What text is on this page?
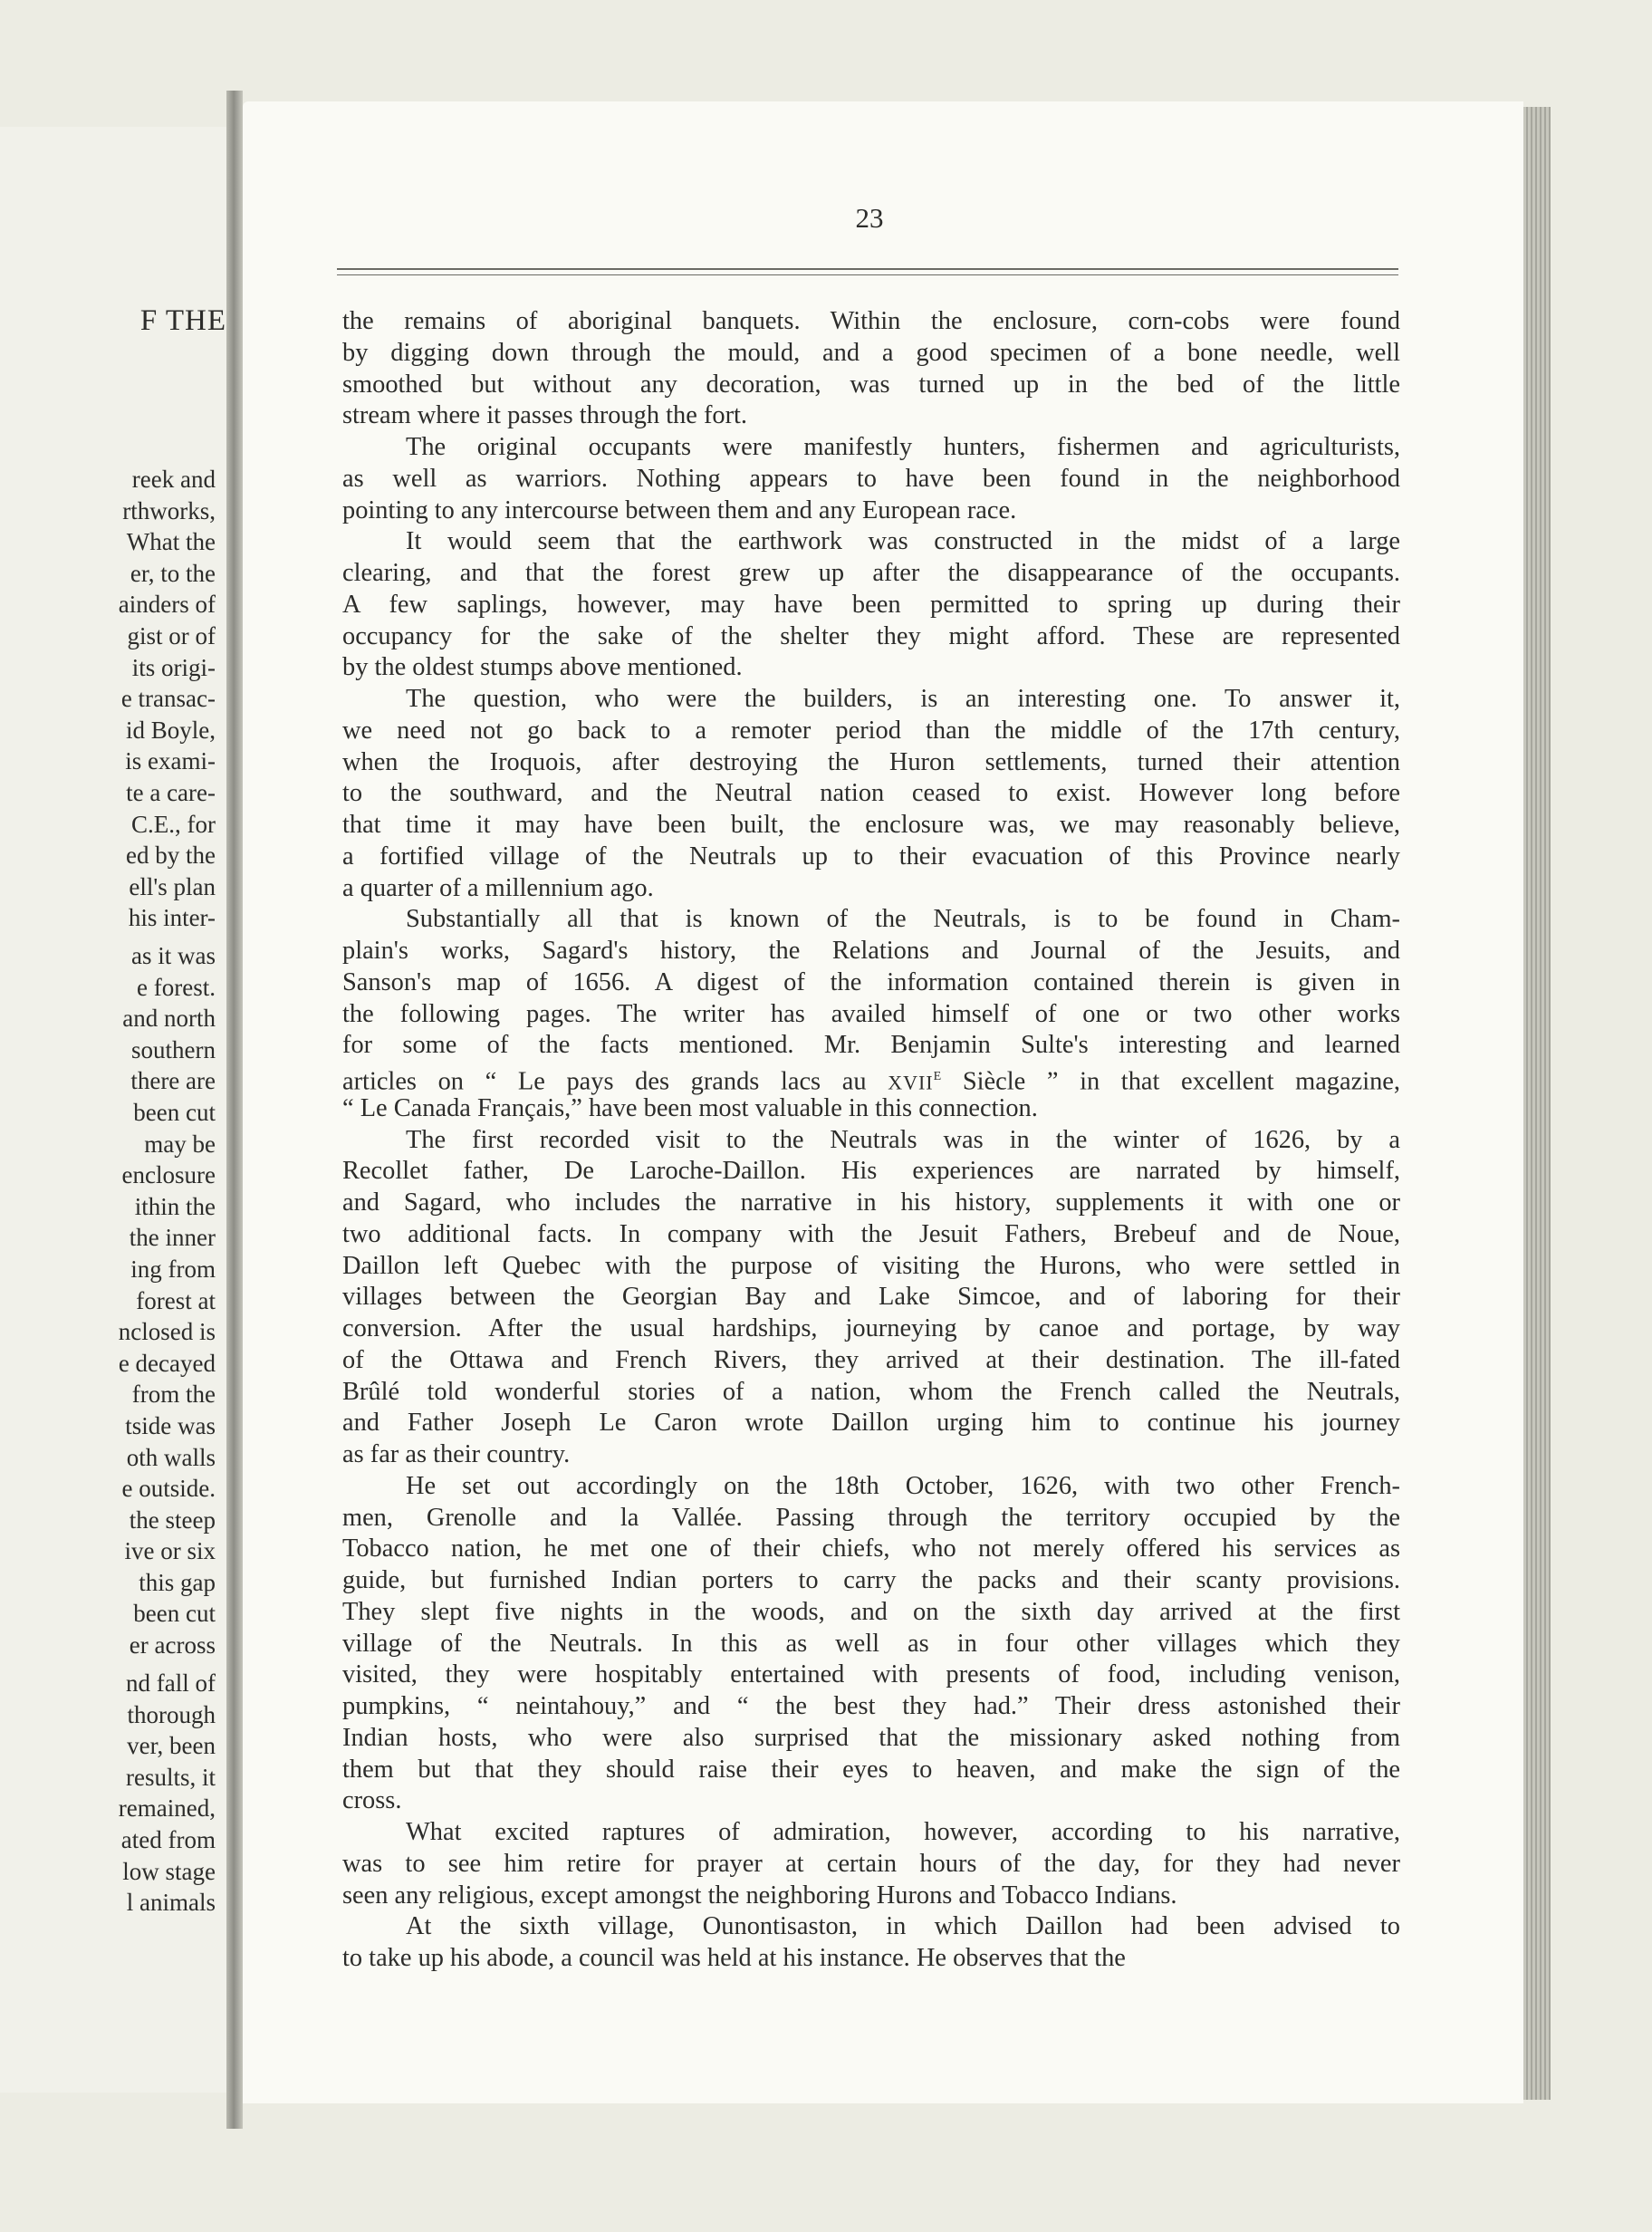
F THE
reek and
rthworks,
What the
er, to the
ainders of
gist or of
its origi-
e transac-
id Boyle,
is exami-
te a care-
C.E., for
ed by the
ell's plan
his inter-
as it was
e forest.
and north
southern
there are
been cut
may be
enclosure
ithin the
the inner
ing from
forest at
nclosed is
e decayed
from the
tside was
oth walls
e outside.
the steep
ive or six
this gap
been cut
er across
nd fall of
thorough
ver, been
results, it
remained,
ated from
low stage
l animals
23
the remains of aboriginal banquets. Within the enclosure, corn-cobs were found
by digging down through the mould, and a good specimen of a bone needle, well
smoothed but without any decoration, was turned up in the bed of the little
stream where it passes through the fort.
The original occupants were manifestly hunters, fishermen and agriculturists,
as well as warriors. Nothing appears to have been found in the neighborhood
pointing to any intercourse between them and any European race.
It would seem that the earthwork was constructed in the midst of a large
clearing, and that the forest grew up after the disappearance of the occupants.
A few saplings, however, may have been permitted to spring up during their
occupancy for the sake of the shelter they might afford. These are represented
by the oldest stumps above mentioned.
The question, who were the builders, is an interesting one. To answer it,
we need not go back to a remoter period than the middle of the 17th century,
when the Iroquois, after destroying the Huron settlements, turned their attention
to the southward, and the Neutral nation ceased to exist. However long before
that time it may have been built, the enclosure was, we may reasonably believe,
a fortified village of the Neutrals up to their evacuation of this Province nearly
a quarter of a millennium ago.
Substantially all that is known of the Neutrals, is to be found in Cham-
plain's works, Sagard's history, the Relations and Journal of the Jesuits, and
Sanson's map of 1656. A digest of the information contained therein is given in
the following pages. The writer has availed himself of one or two other works
for some of the facts mentioned. Mr. Benjamin Sulte's interesting and learned
articles on “ Le pays des grands lacs au $XVII^E$ Siècle ” in that excellent magazine,
“ Le Canada Français,” have been most valuable in this connection.
The first recorded visit to the Neutrals was in the winter of 1626, by a
Recollet father, De Laroche-Daillon. His experiences are narrated by himself,
and Sagard, who includes the narrative in his history, supplements it with one or
two additional facts. In company with the Jesuit Fathers, Brebeuf and de Noue,
Daillon left Quebec with the purpose of visiting the Hurons, who were settled in
villages between the Georgian Bay and Lake Simcoe, and of laboring for their
conversion. After the usual hardships, journeying by canoe and portage, by way
of the Ottawa and French Rivers, they arrived at their destination. The ill-fated
Brûlé told wonderful stories of a nation, whom the French called the Neutrals,
and Father Joseph Le Caron wrote Daillon urging him to continue his journey
as far as their country.
He set out accordingly on the 18th October, 1626, with two other French-
men, Grenolle and la Vallée. Passing through the territory occupied by the
Tobacco nation, he met one of their chiefs, who not merely offered his services as
guide, but furnished Indian porters to carry the packs and their scanty provisions.
They slept five nights in the woods, and on the sixth day arrived at the first
village of the Neutrals. In this as well as in four other villages which they
visited, they were hospitably entertained with presents of food, including venison,
pumpkins, “ neintahouy,” and “ the best they had.” Their dress astonished their
Indian hosts, who were also surprised that the missionary asked nothing from
them but that they should raise their eyes to heaven, and make the sign of the
cross.
What excited raptures of admiration, however, according to his narrative,
was to see him retire for prayer at certain hours of the day, for they had never
seen any religious, except amongst the neighboring Hurons and Tobacco Indians.
At the sixth village, Ounontisaston, in which Daillon had been advised to
to take up his abode, a council was held at his instance. He observes that the
